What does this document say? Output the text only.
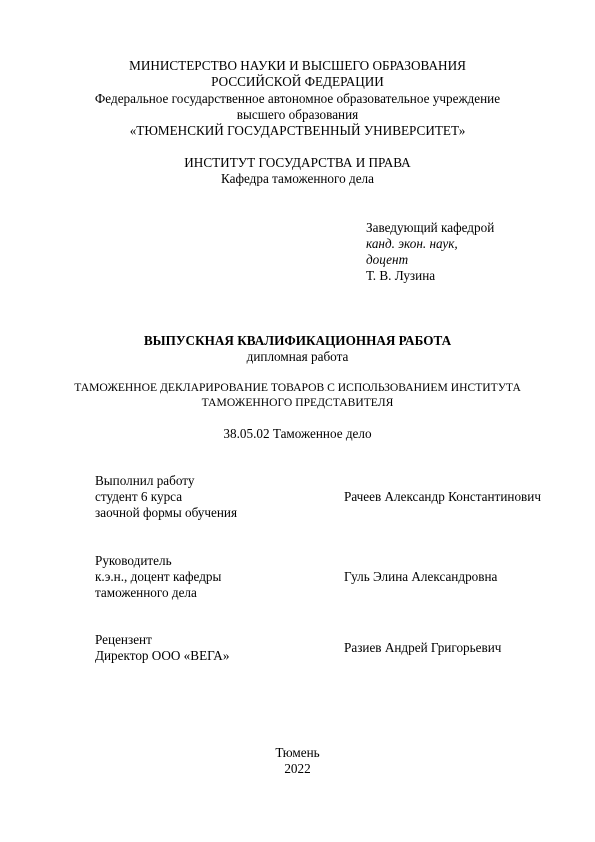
МИНИСТЕРСТВО НАУКИ И ВЫСШЕГО ОБРАЗОВАНИЯ
РОССИЙСКОЙ ФЕДЕРАЦИИ
Федеральное государственное автономное образовательное учреждение
высшего образования
«ТЮМЕНСКИЙ ГОСУДАРСТВЕННЫЙ УНИВЕРСИТЕТ»
ИНСТИТУТ ГОСУДАРСТВА И ПРАВА
Кафедра таможенного дела
Заведующий кафедрой
канд. экон. наук,
доцент
Т. В. Лузина
ВЫПУСКНАЯ КВАЛИФИКАЦИОННАЯ РАБОТА
дипломная работа
ТАМОЖЕННОЕ ДЕКЛАРИРОВАНИЕ ТОВАРОВ С ИСПОЛЬЗОВАНИЕМ ИНСТИТУТА
ТАМОЖЕННОГО ПРЕДСТАВИТЕЛЯ
38.05.02 Таможенное дело
Выполнил работу
студент 6 курса
заочной формы обучения
Рачеев Александр Константинович
Руководитель
к.э.н., доцент кафедры
таможенного дела
Гуль Элина Александровна
Рецензент
Директор ООО «ВЕГА»
Разиев Андрей Григорьевич
Тюмень
2022
